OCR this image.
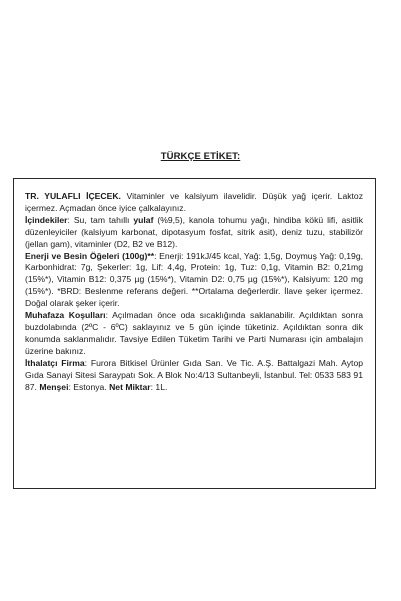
TÜRKÇE ETİKET:

TR. YULAFLI İÇECEK. Vitaminler ve kalsiyum ilavelidir. Düşük yağ içerir. Laktoz içermez. Açmadan önce iyice çalkalayınız.

İçindekiler: Su, tam tahıllı yulaf (%9,5), kanola tohumu yağı, hindiba kökü lifi, asitlik düzenleyiciler (kalsiyum karbonat, dipotasyum fosfat, sitrik asit), deniz tuzu, stabilizör (jellan gam), vitaminler (D2, B2 ve B12).

Enerji ve Besin Öğeleri (100g)**: Enerji: 191kJ/45 kcal, Yağ: 1,5g, Doymuş Yağ: 0,19g, Karbonhidrat: 7g, Şekerler: 1g, Lif: 4,4g, Protein: 1g, Tuz: 0,1g, Vitamin B2: 0,21mg (15%*), Vitamin B12: 0,375 µg (15%*), Vitamin D2: 0,75 µg (15%*), Kalsiyum: 120 mg (15%*). *BRD: Beslenme referans değeri. **Ortalama değerlerdir. İlave şeker içermez. Doğal olarak şeker içerir.

Muhafaza Koşulları: Açılmadan önce oda sıcaklığında saklanabilir. Açıldıktan sonra buzdolabında (2ºC - 6ºC) saklayınız ve 5 gün içinde tüketiniz. Açıldıktan sonra dik konumda saklanmalıdır. Tavsiye Edilen Tüketim Tarihi ve Parti Numarası için ambalajın üzerine bakınız.

İthalatçı Firma: Furora Bitkisel Ürünler Gıda San. Ve Tic. A.Ş. Battalgazi Mah. Aytop Gıda Sanayi Sitesi Saraypatı Sok. A Blok No:4/13 Sultanbeyli, İstanbul. Tel: 0533 583 91 87. Menşei: Estonya. Net Miktar: 1L.
